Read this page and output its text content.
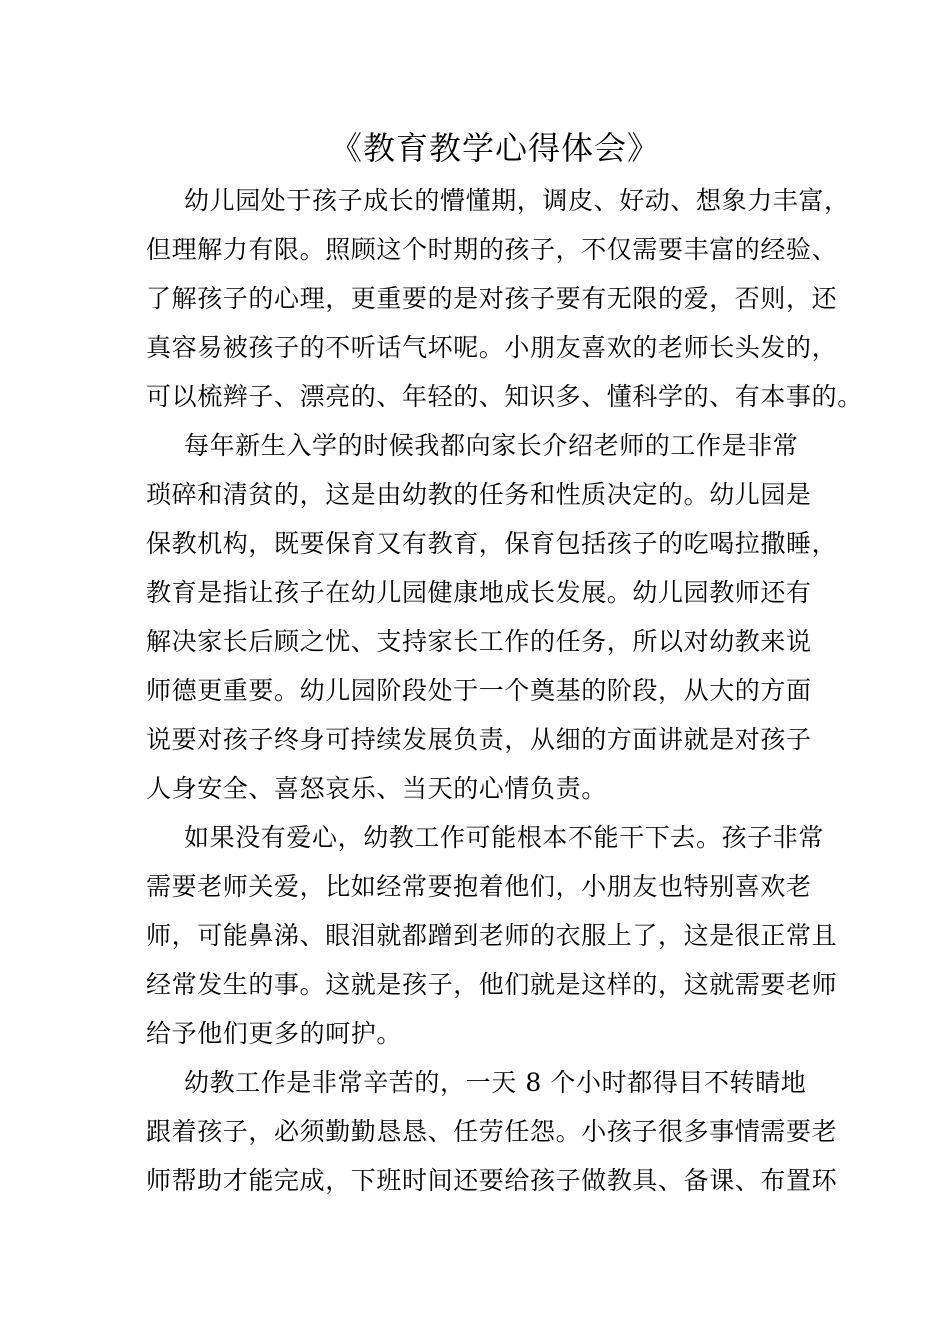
《教育教学心得体会》

幼儿园处于孩子成长的懵懂期，调皮、好动、想象力丰富，
但理解力有限。照顾这个时期的孩子，不仅需要丰富的经验、
了解孩子的心理，更重要的是对孩子要有无限的爱，否则，还
真容易被孩子的不听话气坏呢。小朋友喜欢的老师长头发的，
可以梳辫子、漂亮的、年轻的、知识多、懂科学的、有本事的。

每年新生入学的时候我都向家长介绍老师的工作是非常
琐碎和清贫的，这是由幼教的任务和性质决定的。幼儿园是
保教机构，既要保育又有教育，保育包括孩子的吃喝拉撒睡，
教育是指让孩子在幼儿园健康地成长发展。幼儿园教师还有
解决家长后顾之忧、支持家长工作的任务，所以对幼教来说
师德更重要。幼儿园阶段处于一个奠基的阶段，从大的方面
说要对孩子终身可持续发展负责，从细的方面讲就是对孩子
人身安全、喜怒哀乐、当天的心情负责。

如果没有爱心，幼教工作可能根本不能干下去。孩子非常
需要老师关爱，比如经常要抱着他们，小朋友也特别喜欢老
师，可能鼻涕、眼泪就都蹭到老师的衣服上了，这是很正常且
经常发生的事。这就是孩子，他们就是这样的，这就需要老师
给予他们更多的呵护。

幼教工作是非常辛苦的，一天 8 个小时都得目不转睛地
跟着孩子，必须勤勤恳恳、任劳任怨。小孩子很多事情需要老
师帮助才能完成，下班时间还要给孩子做教具、备课、布置环
